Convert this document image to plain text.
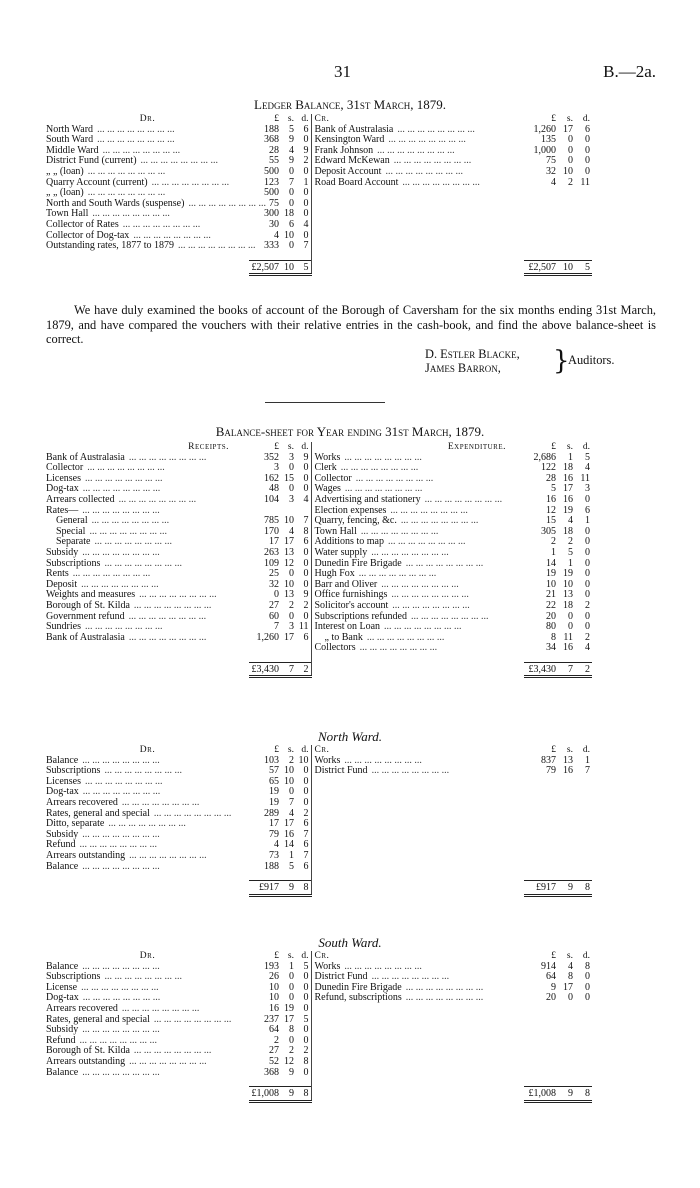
31	B.—2a.
Ledger Balance, 31st March, 1879.
Dr.	£	s.	d.	Cr.	£	s.	d.

North Ward ... ... ... ... ... ... ... ...	188	5	6	Bank of Australasia ... ... ... ... ... ... ... ...	1,260	17	6

South Ward ... ... ... ... ... ... ... ...	368	9	0	Kensington Ward ... ... ... ... ... ... ... ...	135	0	0

Middle Ward ... ... ... ... ... ... ... ...	28	4	9	Frank Johnson ... ... ... ... ... ... ... ...	1,000	0	0

District Fund (current) ... ... ... ... ... ... ... ...	55	9	2	Edward McKewan ... ... ... ... ... ... ... ...	75	0	0

„ „ (loan) ... ... ... ... ... ... ... ...	500	0	0	Deposit Account ... ... ... ... ... ... ... ...	32	10	0

Quarry Account (current) ... ... ... ... ... ... ... ...	123	7	1	Road Board Account ... ... ... ... ... ... ... ...	4	2	11

„ „ (loan) ... ... ... ... ... ... ... ...	500	0	0				

North and South Wards (suspense) ... ... ... ... ... ... ... ...	75	0	0				

Town Hall ... ... ... ... ... ... ... ...	300	18	0				

Collector of Rates ... ... ... ... ... ... ... ...	30	6	4				

Collector of Dog-tax ... ... ... ... ... ... ... ...	4	10	0				

Outstanding rates, 1877 to 1879 ... ... ... ... ... ... ... ...	333	0	7				

	£2,507	10	5		£2,507	10	5
We have duly examined the books of account of the Borough of Caversham for the six months ending 31st March, 1879, and have compared the vouchers with their relative entries in the cash-book, and find the above balance-sheet is correct.
D. Estler Blacke,
James Barron,	}
Auditors.
Balance-sheet for Year ending 31st March, 1879.
Receipts.	£	s.	d.	Expenditure.	£	s.	d.

Bank of Australasia ... ... ... ... ... ... ... ...	352	3	9	Works ... ... ... ... ... ... ... ...	2,686	1	5

Collector ... ... ... ... ... ... ... ...	3	0	0	Clerk ... ... ... ... ... ... ... ...	122	18	4

Licenses ... ... ... ... ... ... ... ...	162	15	0	Collector ... ... ... ... ... ... ... ...	28	16	11

Dog-tax ... ... ... ... ... ... ... ...	48	0	0	Wages ... ... ... ... ... ... ... ...	5	17	3

Arrears collected ... ... ... ... ... ... ... ...	104	3	4	Advertising and stationery ... ... ... ... ... ... ... ...	16	16	0

Rates— ... ... ... ... ... ... ... ...				Election expenses ... ... ... ... ... ... ... ...	12	19	6

General ... ... ... ... ... ... ... ...	785	10	7	Quarry, fencing, &c. ... ... ... ... ... ... ... ...	15	4	1

Special ... ... ... ... ... ... ... ...	170	4	8	Town Hall ... ... ... ... ... ... ... ...	305	18	0

Separate ... ... ... ... ... ... ... ...	17	17	6	Additions to map ... ... ... ... ... ... ... ...	2	2	0

Subsidy ... ... ... ... ... ... ... ...	263	13	0	Water supply ... ... ... ... ... ... ... ...	1	5	0

Subscriptions ... ... ... ... ... ... ... ...	109	12	0	Dunedin Fire Brigade ... ... ... ... ... ... ... ...	14	1	0

Rents ... ... ... ... ... ... ... ...	25	0	0	Hugh Fox ... ... ... ... ... ... ... ...	19	19	0

Deposit ... ... ... ... ... ... ... ...	32	10	0	Barr and Oliver ... ... ... ... ... ... ... ...	10	10	0

Weights and measures ... ... ... ... ... ... ... ...	0	13	9	Office furnishings ... ... ... ... ... ... ... ...	21	13	0

Borough of St. Kilda ... ... ... ... ... ... ... ...	27	2	2	Solicitor's account ... ... ... ... ... ... ... ...	22	18	2

Government refund ... ... ... ... ... ... ... ...	60	0	0	Subscriptions refunded ... ... ... ... ... ... ... ...	20	0	0

Sundries ... ... ... ... ... ... ... ...	7	3	11	Interest on Loan ... ... ... ... ... ... ... ...	80	0	0

Bank of Australasia ... ... ... ... ... ... ... ...	1,260	17	6	„ to Bank ... ... ... ... ... ... ... ...	8	11	2

				Collectors ... ... ... ... ... ... ... ...	34	16	4

	£3,430	7	2		£3,430	7	2
North Ward.
Dr.	£	s.	d.	Cr.	£	s.	d.

Balance ... ... ... ... ... ... ... ...	103	2	10	Works ... ... ... ... ... ... ... ...	837	13	1

Subscriptions ... ... ... ... ... ... ... ...	57	10	0	District Fund ... ... ... ... ... ... ... ...	79	16	7

Licenses ... ... ... ... ... ... ... ...	65	10	0				

Dog-tax ... ... ... ... ... ... ... ...	19	0	0				

Arrears recovered ... ... ... ... ... ... ... ...	19	7	0				

Rates, general and special ... ... ... ... ... ... ... ...	289	4	2				

Ditto, separate ... ... ... ... ... ... ... ...	17	17	6				

Subsidy ... ... ... ... ... ... ... ...	79	16	7				

Refund ... ... ... ... ... ... ... ...	4	14	6				

Arrears outstanding ... ... ... ... ... ... ... ...	73	1	7				

Balance ... ... ... ... ... ... ... ...	188	5	6				

	£917	9	8		£917	9	8
South Ward.
Dr.	£	s.	d.	Cr.	£	s.	d.

Balance ... ... ... ... ... ... ... ...	193	1	5	Works ... ... ... ... ... ... ... ...	914	4	8

Subscriptions ... ... ... ... ... ... ... ...	26	0	0	District Fund ... ... ... ... ... ... ... ...	64	8	0

License ... ... ... ... ... ... ... ...	10	0	0	Dunedin Fire Brigade ... ... ... ... ... ... ... ...	9	17	0

Dog-tax ... ... ... ... ... ... ... ...	10	0	0	Refund, subscriptions ... ... ... ... ... ... ... ...	20	0	0

Arrears recovered ... ... ... ... ... ... ... ...	16	19	0				

Rates, general and special ... ... ... ... ... ... ... ...	237	17	5				

Subsidy ... ... ... ... ... ... ... ...	64	8	0				

Refund ... ... ... ... ... ... ... ...	2	0	0				

Borough of St. Kilda ... ... ... ... ... ... ... ...	27	2	2				

Arrears outstanding ... ... ... ... ... ... ... ...	52	12	8				

Balance ... ... ... ... ... ... ... ...	368	9	0				

	£1,008	9	8		£1,008	9	8
